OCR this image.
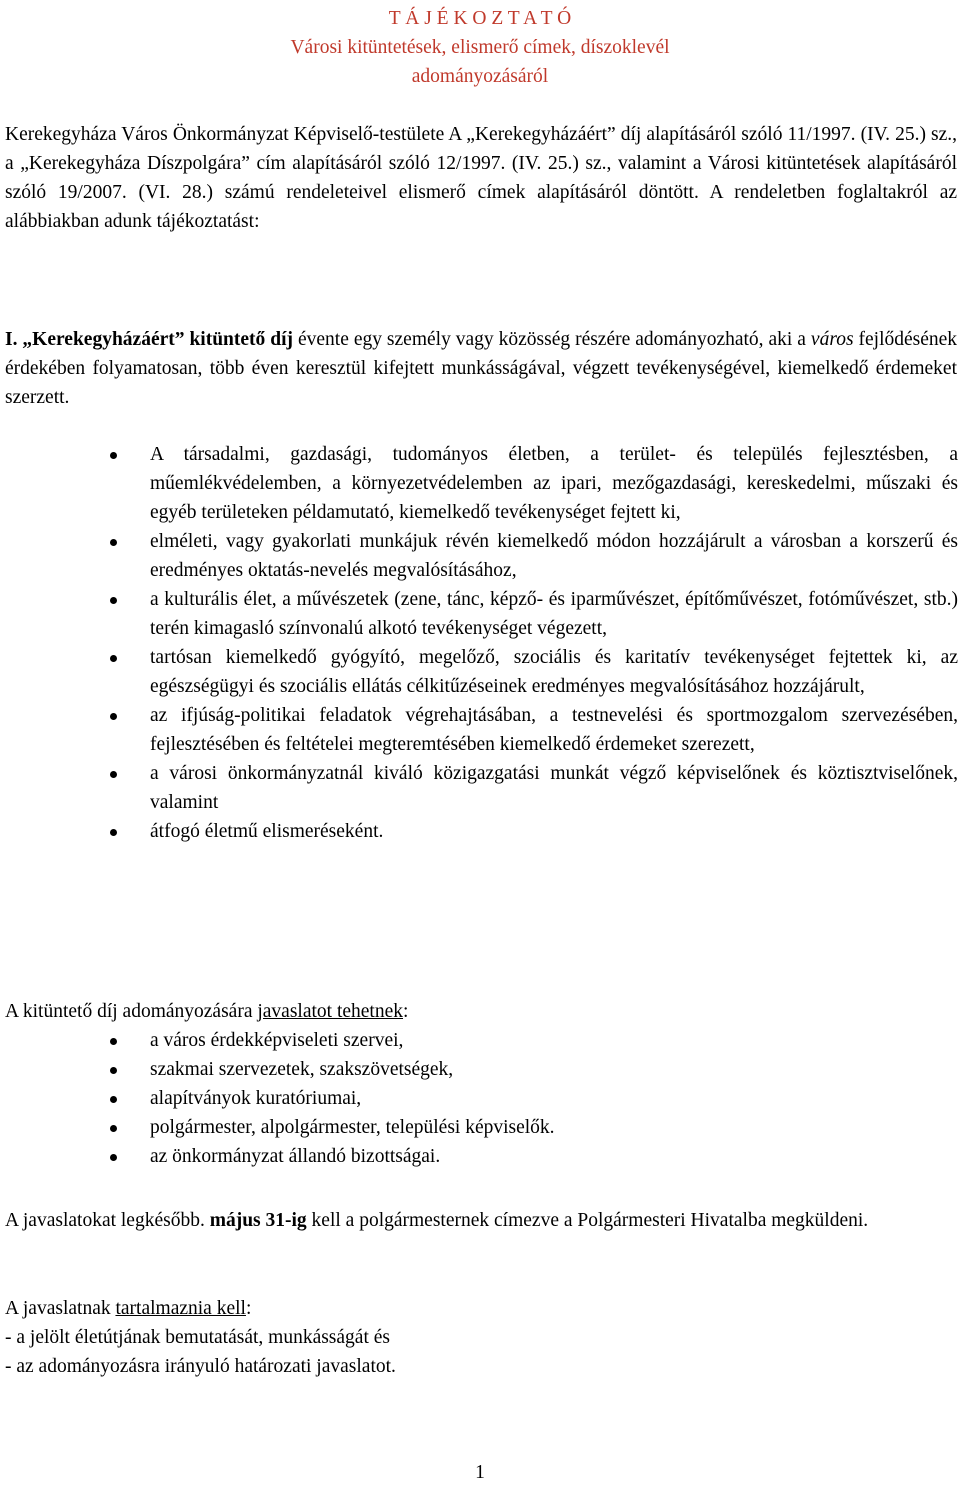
T Á J É K O Z T A T Ó
Városi kitüntetések, elismerő címek, díszoklevél
adományozásáról

Kerekegyháza Város Önkormányzat Képviselő-testülete A „Kerekegyházáért” díj alapításáról szóló 11/1997. (IV. 25.) sz., a „Kerekegyháza Díszpolgára” cím alapításáról szóló 12/1997. (IV. 25.) sz., valamint a Városi kitüntetések alapításáról szóló 19/2007. (VI. 28.) számú rendeleteivel elismerő címek alapításáról döntött. A rendeletben foglaltakról az alábbiakban adunk tájékoztatást:

I. „Kerekegyházáért” kitüntető díj évente egy személy vagy közösség részére adományozható, aki a város fejlődésének érdekében folyamatosan, több éven keresztül kifejtett munkásságával, végzett tevékenységével, kiemelkedő érdemeket szerzett.

A társadalmi, gazdasági, tudományos életben, a terület- és település fejlesztésben, a műemlékvédelemben, a környezetvédelemben az ipari, mezőgazdasági, kereskedelmi, műszaki és egyéb területeken példamutató, kiemelkedő tevékenységet fejtett ki,
elméleti, vagy gyakorlati munkájuk révén kiemelkedő módon hozzájárult a városban a korszerű és eredményes oktatás-nevelés megvalósításához,
a kulturális élet, a művészetek (zene, tánc, képző- és iparművészet, építőművészet, fotóművészet, stb.) terén kimagasló színvonalú alkotó tevékenységet végezett,
tartósan kiemelkedő gyógyító, megelőző, szociális és karitatív tevékenységet fejtettek ki, az egészségügyi és szociális ellátás célkitűzéseinek eredményes megvalósításához hozzájárult,
az ifjúság-politikai feladatok végrehajtásában, a testnevelési és sportmozgalom szervezésében, fejlesztésében és feltételei megteremtésében kiemelkedő érdemeket szerezett,
a városi önkormányzatnál kiváló közigazgatási munkát végző képviselőnek és köztisztviselőnek, valamint
átfogó életmű elismeréseként.

A kitüntető díj adományozására javaslatot tehetnek:

a város érdekképviseleti szervei,
szakmai szervezetek, szakszövetségek,
alapítványok kuratóriumai,
polgármester, alpolgármester, települési képviselők.
az önkormányzat állandó bizottságai.

A javaslatokat legkésőbb. május 31-ig kell a polgármesternek címezve a Polgármesteri Hivatalba megküldeni.

A javaslatnak tartalmaznia kell:
- a jelölt életútjának bemutatását, munkásságát és
- az adományozásra irányuló határozati javaslatot.
1
